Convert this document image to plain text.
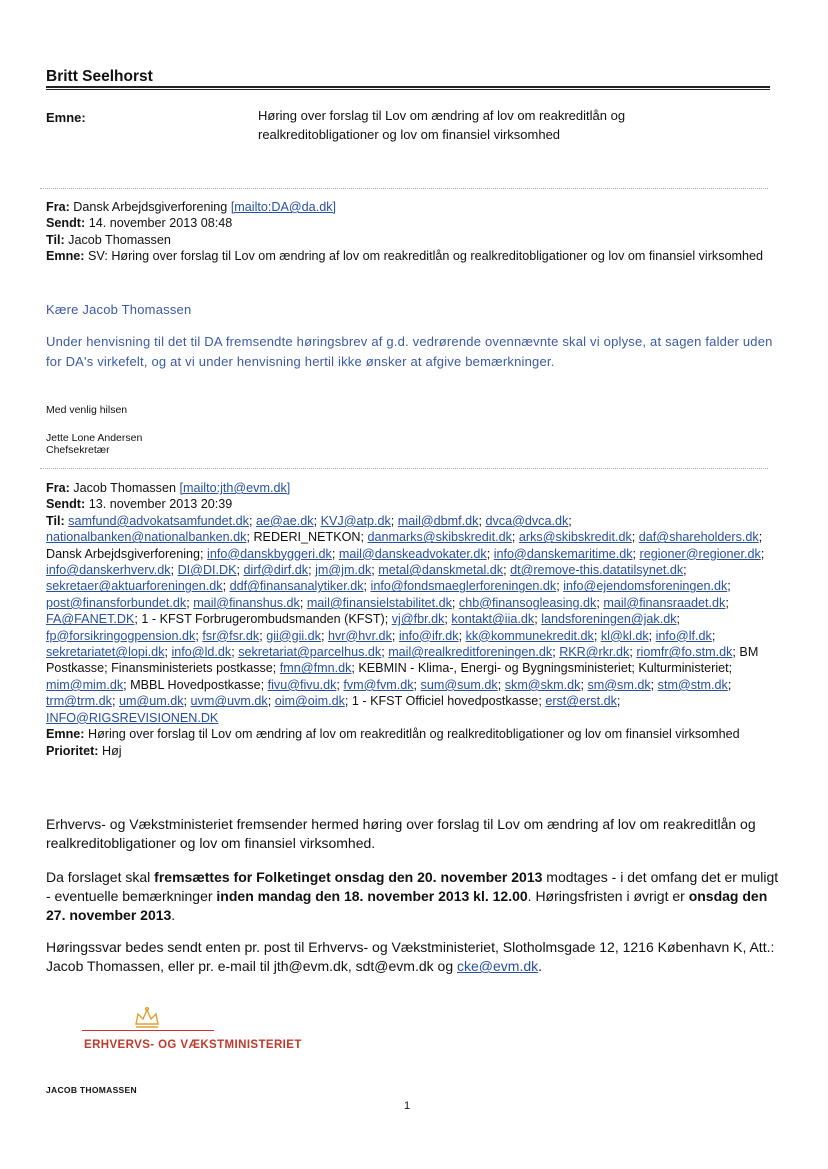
Britt Seelhorst
Emne:	Høring over forslag til Lov om ændring af lov om reakreditlån og realkreditobligationer og lov om finansiel virksomhed
Fra: Dansk Arbejdsgiverforening [mailto:DA@da.dk]
Sendt: 14. november 2013 08:48
Til: Jacob Thomassen
Emne: SV: Høring over forslag til Lov om ændring af lov om reakreditlån og realkreditobligationer og lov om finansiel virksomhed
Kære Jacob Thomassen
Under henvisning til det til DA fremsendte høringsbrev af g.d. vedrørende ovennævnte skal vi oplyse, at sagen falder uden for DA's virkefelt, og at vi under henvisning hertil ikke ønsker at afgive bemærkninger.
Med venlig hilsen
Jette Lone Andersen
Chefsekretær
Fra: Jacob Thomassen [mailto:jth@evm.dk]
Sendt: 13. november 2013 20:39
Til: samfund@advokatsamfundet.dk; ae@ae.dk; KVJ@atp.dk; mail@dbmf.dk; dvca@dvca.dk; nationalbanken@nationalbanken.dk; REDERI_NETKON; danmarks@skibskredit.dk; arks@skibskredit.dk; daf@shareholders.dk; Dansk Arbejdsgiverforening; info@danskbyggeri.dk; mail@danskeadvokater.dk; info@danskemaritime.dk; regioner@regioner.dk; info@danskerhverv.dk; DI@DI.DK; dirf@dirf.dk; jm@jm.dk; metal@danskmetal.dk; dt@remove-this.datatilsynet.dk; sekretaer@aktuarforeningen.dk; ddf@finansanalytiker.dk; info@fondsmaeglerforeningen.dk; info@ejendomsforeningen.dk; post@finansforbundet.dk; mail@finanshus.dk; mail@finansielstabilitet.dk; chb@finansogleasing.dk; mail@finansraadet.dk; FA@FANET.DK; 1 - KFST Forbrugerombudsmanden (KFST); vj@fbr.dk; kontakt@iia.dk; landsforeningen@jak.dk; fp@forsikringogpension.dk; fsr@fsr.dk; gii@gii.dk; hvr@hvr.dk; info@ifr.dk; kk@kommunekredit.dk; kl@kl.dk; info@lf.dk; sekretariatet@lopi.dk; info@ld.dk; sekretariat@parcelhus.dk; mail@realkreditforeningen.dk; RKR@rkr.dk; riomfr@fo.stm.dk; BM Postkasse; Finansministeriets postkasse; fmn@fmn.dk; KEBMIN - Klima-, Energi- og Bygningsministeriet; Kulturministeriet; mim@mim.dk; MBBL Hovedpostkasse; fivu@fivu.dk; fvm@fvm.dk; sum@sum.dk; skm@skm.dk; sm@sm.dk; stm@stm.dk; trm@trm.dk; um@um.dk; uvm@uvm.dk; oim@oim.dk; 1 - KFST Officiel hovedpostkasse; erst@erst.dk; INFO@RIGSREVISIONEN.DK
Emne: Høring over forslag til Lov om ændring af lov om reakreditlån og realkreditobligationer og lov om finansiel virksomhed
Prioritet: Høj
Erhvervs- og Vækstministeriet fremsender hermed høring over forslag til Lov om ændring af lov om reakreditlån og realkreditobligationer og lov om finansiel virksomhed.
Da forslaget skal fremsættes for Folketinget onsdag den 20. november 2013 modtages - i det omfang det er muligt - eventuelle bemærkninger inden mandag den 18. november 2013 kl. 12.00. Høringsfristen i øvrigt er onsdag den 27. november 2013.
Høringssvar bedes sendt enten pr. post til Erhvervs- og Vækstministeriet, Slotholmsgade 12, 1216 København K, Att.: Jacob Thomassen, eller pr. e-mail til jth@evm.dk, sdt@evm.dk og cke@evm.dk.
ERHVERVS- OG VÆKSTMINISTERIET
JACOB THOMASSEN
1
